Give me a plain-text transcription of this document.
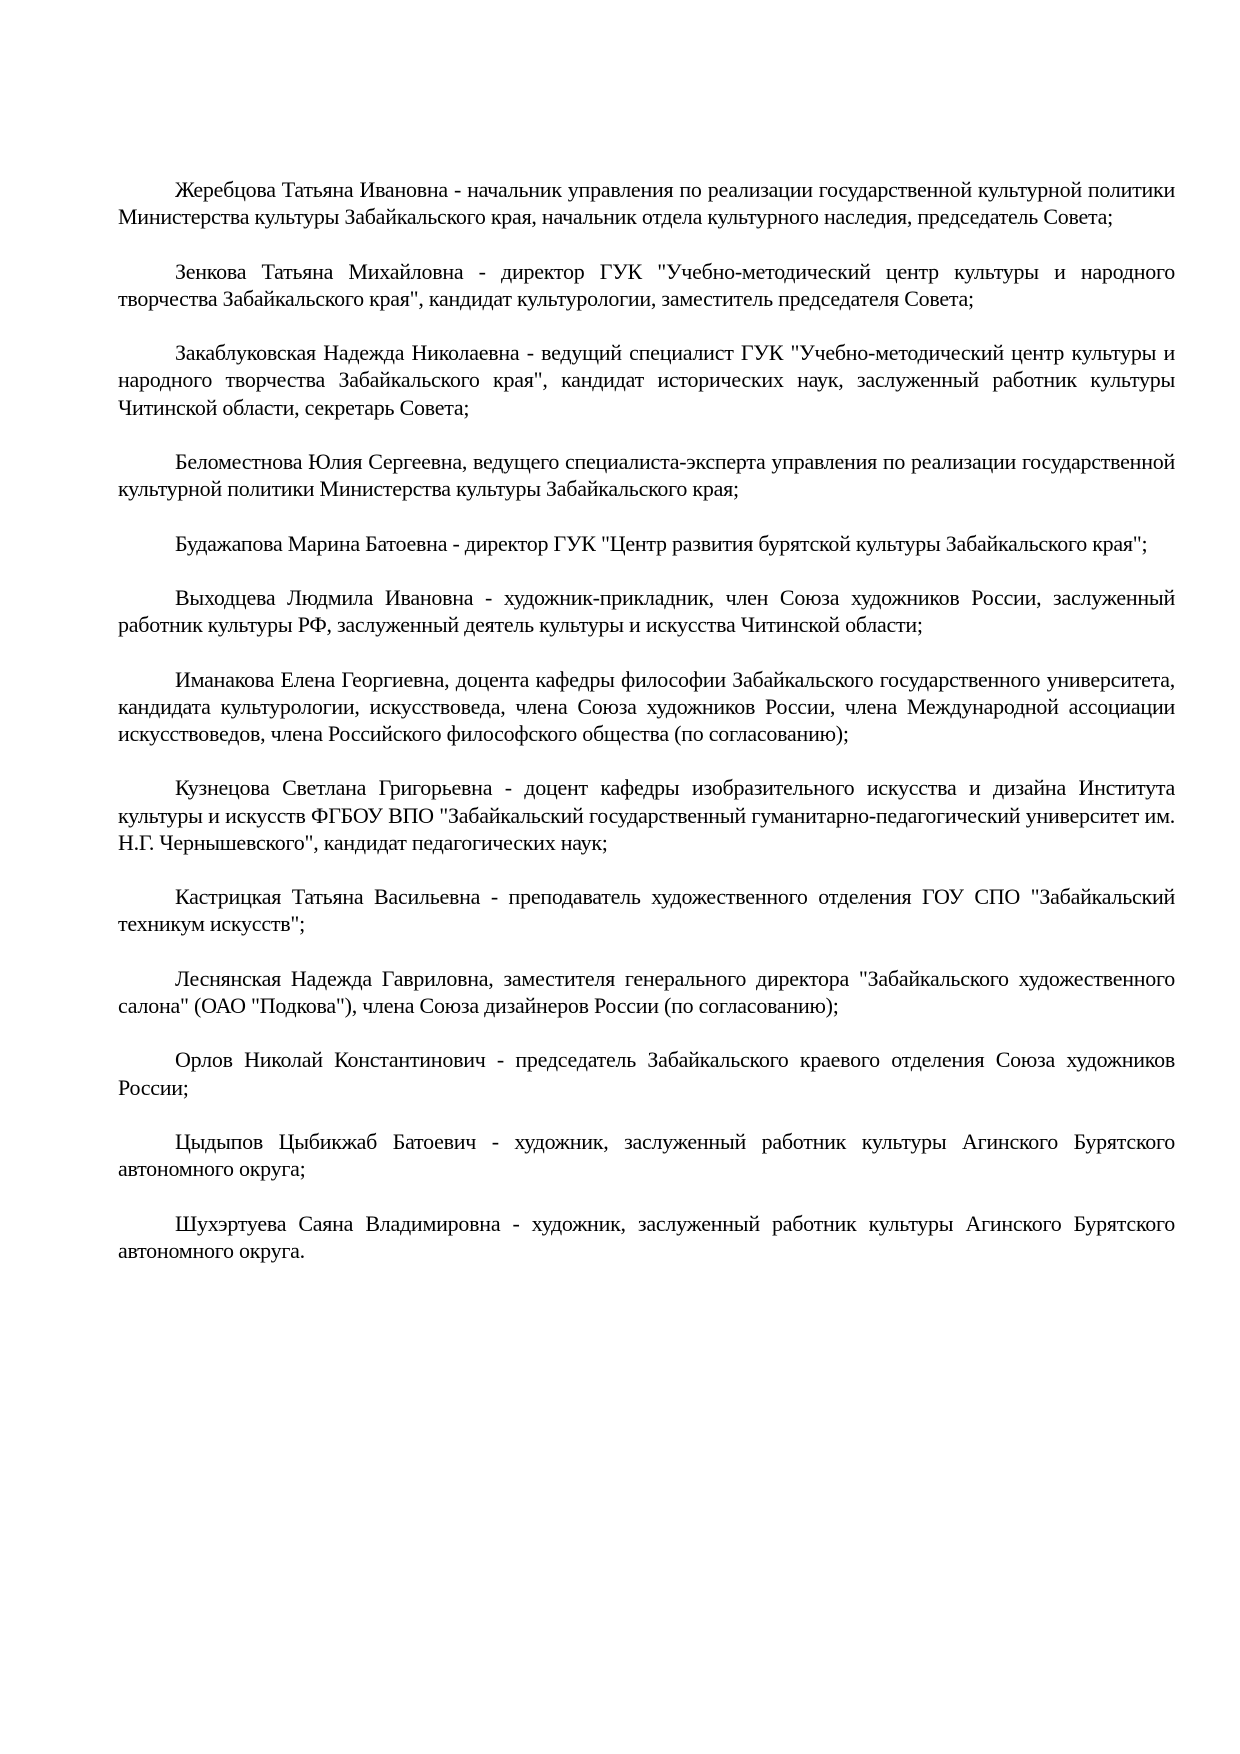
Жеребцова Татьяна Ивановна - начальник управления по реализации государственной культурной политики Министерства культуры Забайкальского края, начальник отдела культурного наследия, председатель Совета;

Зенкова Татьяна Михайловна - директор ГУК "Учебно-методический центр культуры и народного творчества Забайкальского края", кандидат культурологии, заместитель председателя Совета;

Закаблуковская Надежда Николаевна - ведущий специалист ГУК "Учебно-методический центр культуры и народного творчества Забайкальского края", кандидат исторических наук, заслуженный работник культуры Читинской области, секретарь Совета;

Беломестнова Юлия Сергеевна, ведущего специалиста-эксперта управления по реализации государственной культурной политики Министерства культуры Забайкальского края;

Будажапова Марина Батоевна - директор ГУК "Центр развития бурятской культуры Забайкальского края";

Выходцева Людмила Ивановна - художник-прикладник, член Союза художников России, заслуженный работник культуры РФ, заслуженный деятель культуры и искусства Читинской области;

Иманакова Елена Георгиевна, доцента кафедры философии Забайкальского государственного университета, кандидата культурологии, искусствоведа, члена Союза художников России, члена Международной ассоциации искусствоведов, члена Российского философского общества (по согласованию);

Кузнецова Светлана Григорьевна - доцент кафедры изобразительного искусства и дизайна Института культуры и искусств ФГБОУ ВПО "Забайкальский государственный гуманитарно-педагогический университет им. Н.Г. Чернышевского", кандидат педагогических наук;

Кастрицкая Татьяна Васильевна - преподаватель художественного отделения ГОУ СПО "Забайкальский техникум искусств";

Леснянская Надежда Гавриловна, заместителя генерального директора "Забайкальского художественного салона" (ОАО "Подкова"), члена Союза дизайнеров России (по согласованию);

Орлов Николай Константинович - председатель Забайкальского краевого отделения Союза художников России;

Цыдыпов Цыбикжаб Батоевич - художник, заслуженный работник культуры Агинского Бурятского автономного округа;

Шухэртуева Саяна Владимировна - художник, заслуженный работник культуры Агинского Бурятского автономного округа.
